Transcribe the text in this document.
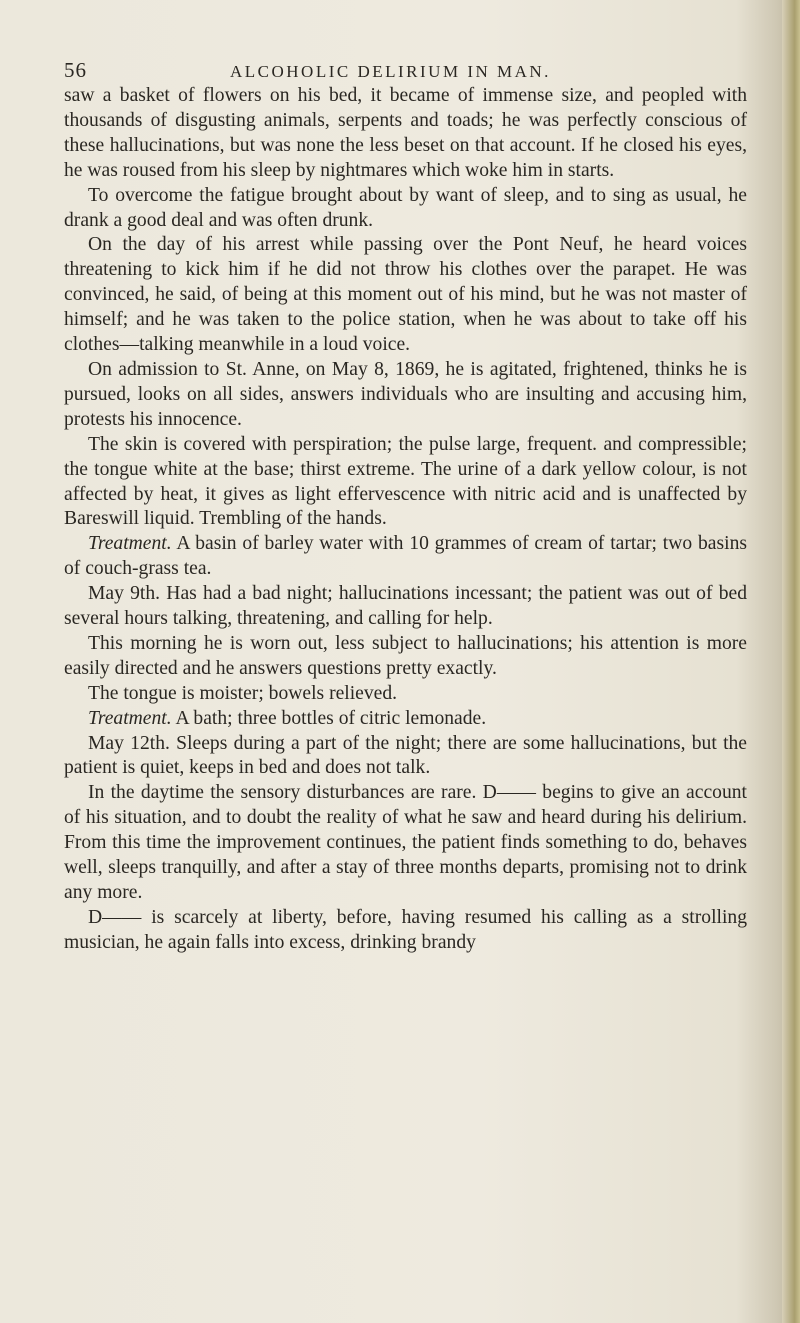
56	ALCOHOLIC DELIRIUM IN MAN.

saw a basket of flowers on his bed, it became of immense size, and peopled with thousands of disgusting animals, serpents and toads; he was perfectly conscious of these hallucinations, but was none the less beset on that account. If he closed his eyes, he was roused from his sleep by nightmares which woke him in starts.

To overcome the fatigue brought about by want of sleep, and to sing as usual, he drank a good deal and was often drunk.

On the day of his arrest while passing over the Pont Neuf, he heard voices threatening to kick him if he did not throw his clothes over the parapet. He was convinced, he said, of being at this moment out of his mind, but he was not master of himself; and he was taken to the police station, when he was about to take off his clothes—talking meanwhile in a loud voice.

On admission to St. Anne, on May 8, 1869, he is agitated, frightened, thinks he is pursued, looks on all sides, answers individuals who are insulting and accusing him, protests his innocence.

The skin is covered with perspiration; the pulse large, frequent. and compressible; the tongue white at the base; thirst extreme. The urine of a dark yellow colour, is not affected by heat, it gives as light effervescence with nitric acid and is unaffected by Bareswill liquid. Trembling of the hands.

Treatment. A basin of barley water with 10 grammes of cream of tartar; two basins of couch-grass tea.

May 9th. Has had a bad night; hallucinations incessant; the patient was out of bed several hours talking, threatening, and calling for help.

This morning he is worn out, less subject to hallucinations; his attention is more easily directed and he answers questions pretty exactly.

The tongue is moister; bowels relieved.

Treatment. A bath; three bottles of citric lemonade.

May 12th. Sleeps during a part of the night; there are some hallucinations, but the patient is quiet, keeps in bed and does not talk.

In the daytime the sensory disturbances are rare. D—— begins to give an account of his situation, and to doubt the reality of what he saw and heard during his delirium. From this time the improvement continues, the patient finds something to do, behaves well, sleeps tranquilly, and after a stay of three months departs, promising not to drink any more.

D—— is scarcely at liberty, before, having resumed his calling as a strolling musician, he again falls into excess, drinking brandy
